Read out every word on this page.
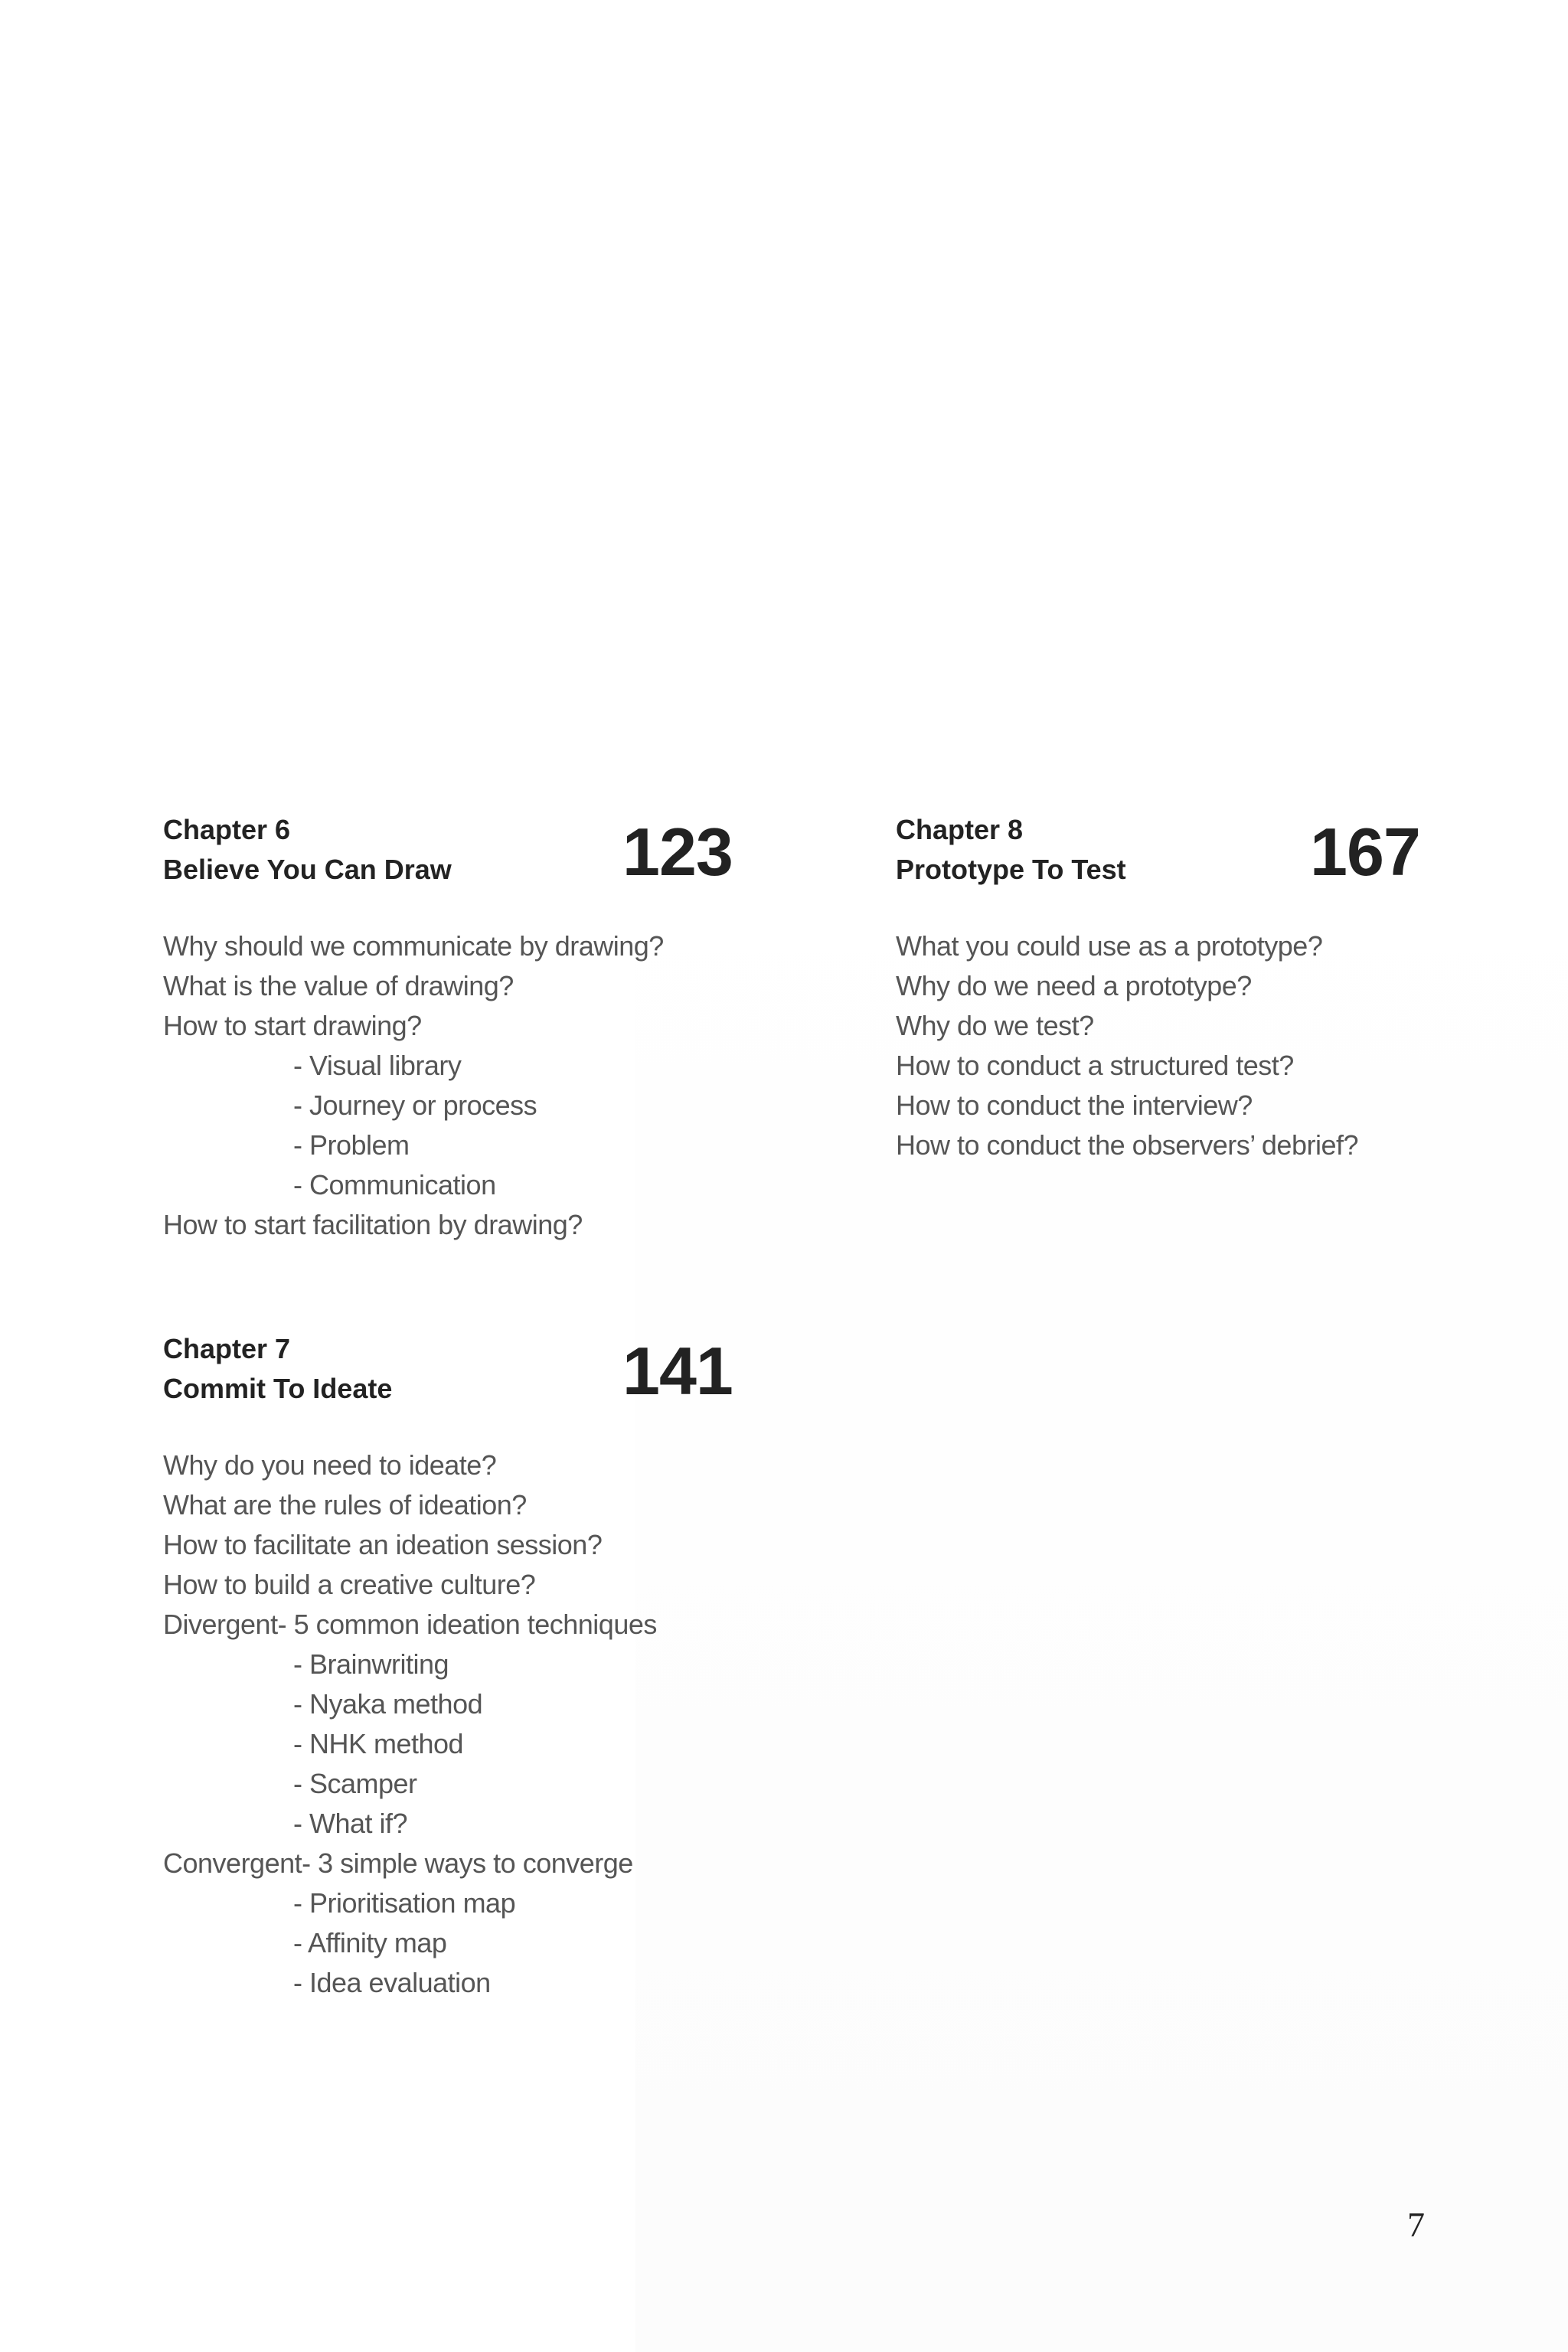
Chapter 6
Believe You Can Draw	123
Why should we communicate by drawing?
What is the value of drawing?
How to start drawing?
- Visual library
- Journey or process
- Problem
- Communication
How to start facilitation by drawing?
Chapter 8
Prototype To Test	167
What you could use as a prototype?
Why do we need a prototype?
Why do we test?
How to conduct a structured test?
How to conduct the interview?
How to conduct the observers’ debrief?
Chapter 7
Commit To Ideate	141
Why do you need to ideate?
What are the rules of ideation?
How to facilitate an ideation session?
How to build a creative culture?
Divergent- 5 common ideation techniques
- Brainwriting
- Nyaka method
- NHK method
- Scamper
- What if?
Convergent- 3 simple ways to converge
- Prioritisation map
- Affinity map
- Idea evaluation
7
